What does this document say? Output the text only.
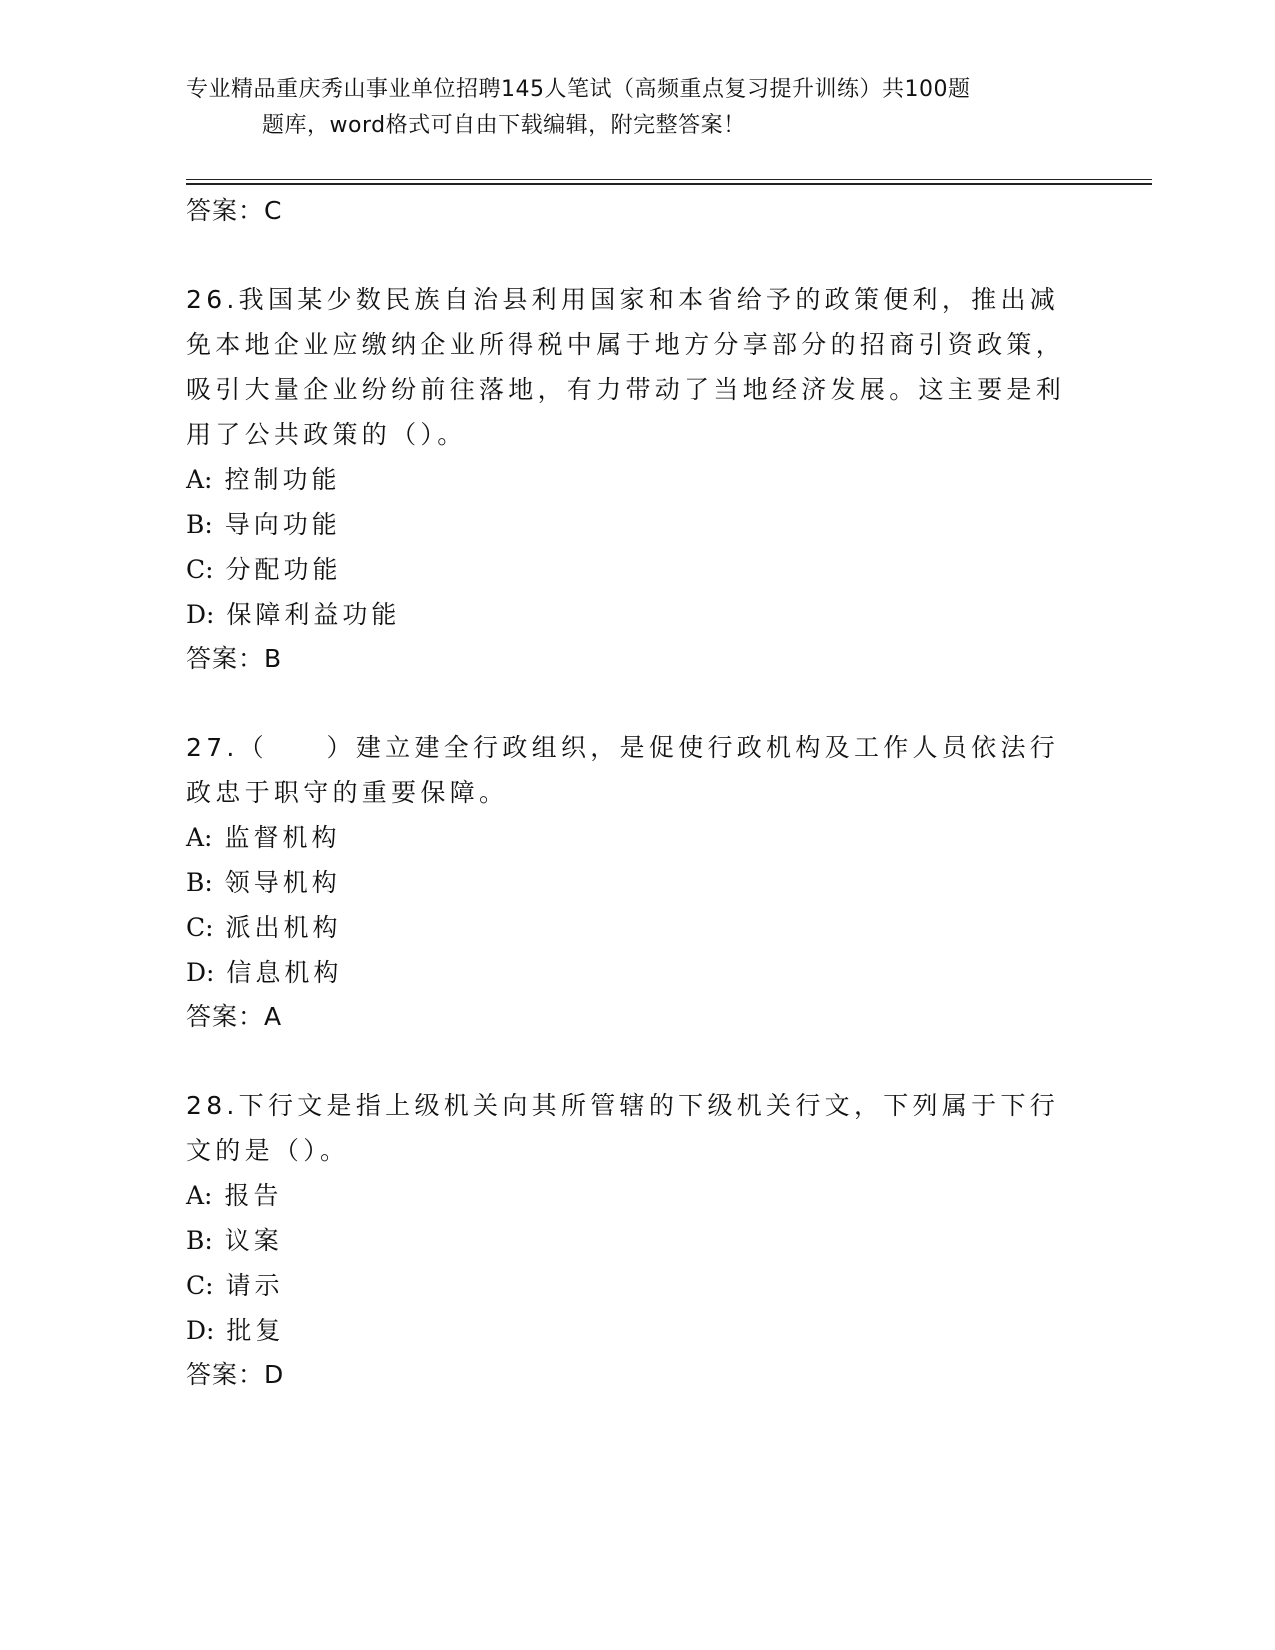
专业精品重庆秀山事业单位招聘145人笔试（高频重点复习提升训练）共100题
题库，word格式可自由下载编辑，附完整答案！
答案：C

26.我国某少数民族自治县利用国家和本省给予的政策便利，推出减免本地企业应缴纳企业所得税中属于地方分享部分的招商引资政策，吸引大量企业纷纷前往落地，有力带动了当地经济发展。这主要是利用了公共政策的（）。

A: 控制功能
B: 导向功能
C: 分配功能
D: 保障利益功能
答案：B

27.（　　）建立建全行政组织，是促使行政机构及工作人员依法行政忠于职守的重要保障。

A: 监督机构
B: 领导机构
C: 派出机构
D: 信息机构
答案：A

28.下行文是指上级机关向其所管辖的下级机关行文，下列属于下行文的是（）。

A: 报告
B: 议案
C: 请示
D: 批复
答案：D
